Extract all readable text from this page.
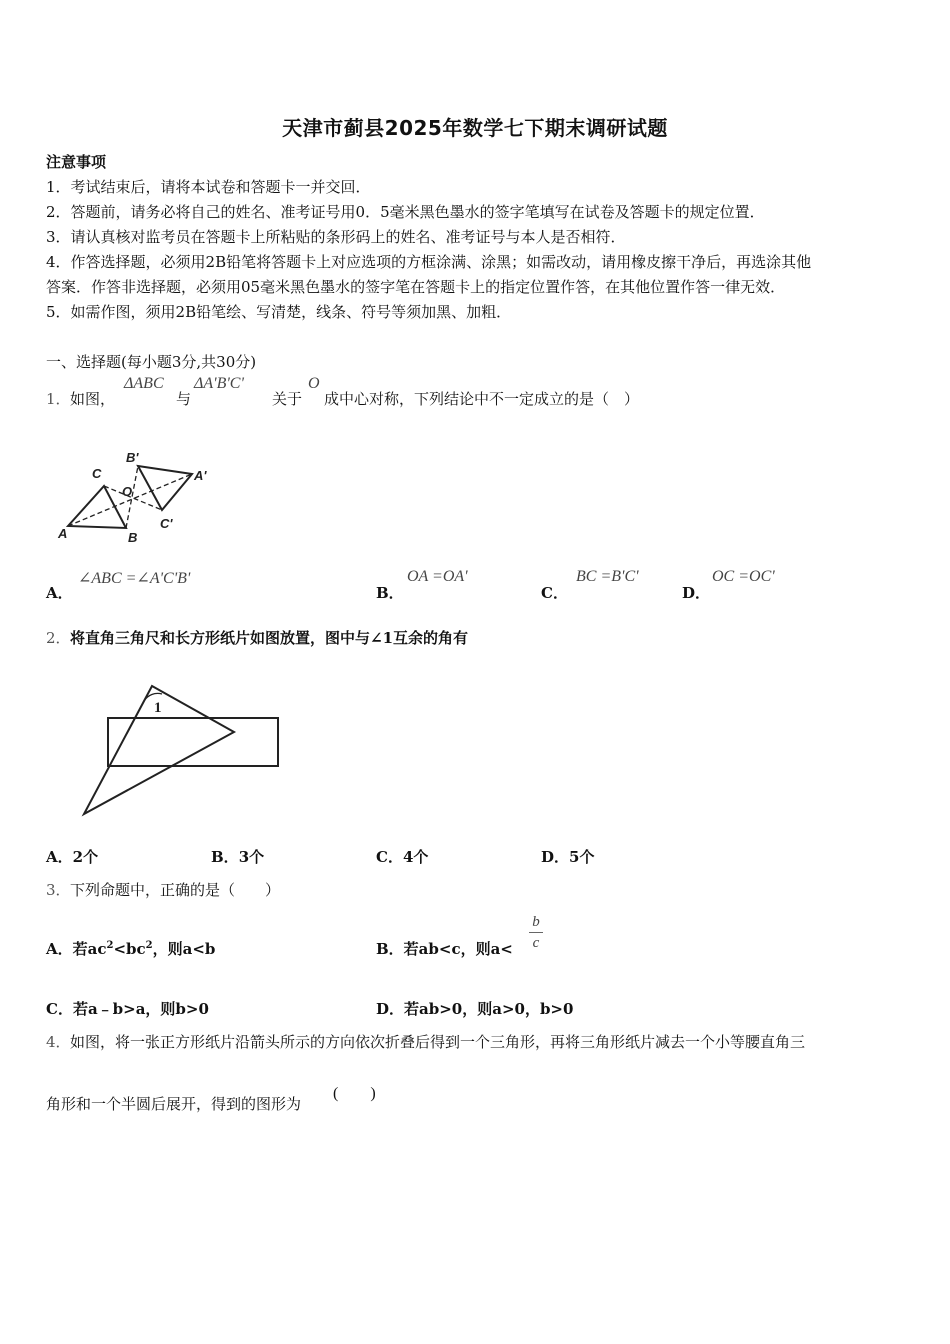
天津市蓟县2025年数学七下期末调研试题
注意事项
1．考试结束后，请将本试卷和答题卡一并交回．
2．答题前，请务必将自己的姓名、准考证号用0．5毫米黑色墨水的签字笔填写在试卷及答题卡的规定位置．
3．请认真核对监考员在答题卡上所粘贴的条形码上的姓名、准考证号与本人是否相符．
4．作答选择题，必须用2B铅笔将答题卡上对应选项的方框涂满、涂黑；如需改动，请用橡皮擦干净后，再选涂其他
答案．作答非选择题，必须用05毫米黑色墨水的签字笔在答题卡上的指定位置作答，在其他位置作答一律无效．
5．如需作图，须用2B铅笔绘、写清楚，线条、符号等须加黑、加粗．
一、选择题(每小题3分,共30分)
1． 如图，
ΔABC
与
ΔA'B'C'
关于
O
成中心对称，下列结论中不一定成立的是（　）
C
B'
O
A'
A	B
C'
A．
∠ABC =∠A'C'B'
B．
OA =OA'
C．
BC =B'C'
D．
OC =OC'
2． 将直角三角尺和长方形纸片如图放置，图中与∠1互余的角有
1
A．2个	B．3个	C．4个	D．5个
3． 下列命题中，正确的是（　　）
A．若$ac^2<bc^2$，则a<b	B．若ab<c，则a<
b
c
C．若a﹣b>a，则b>0	D．若ab>0，则a>0，b>0
4． 如图，将一张正方形纸片沿箭头所示的方向依次折叠后得到一个三角形，再将三角形纸片减去一个小等腰直角三
角形和一个半圆后展开，得到的图形为
(　　)
